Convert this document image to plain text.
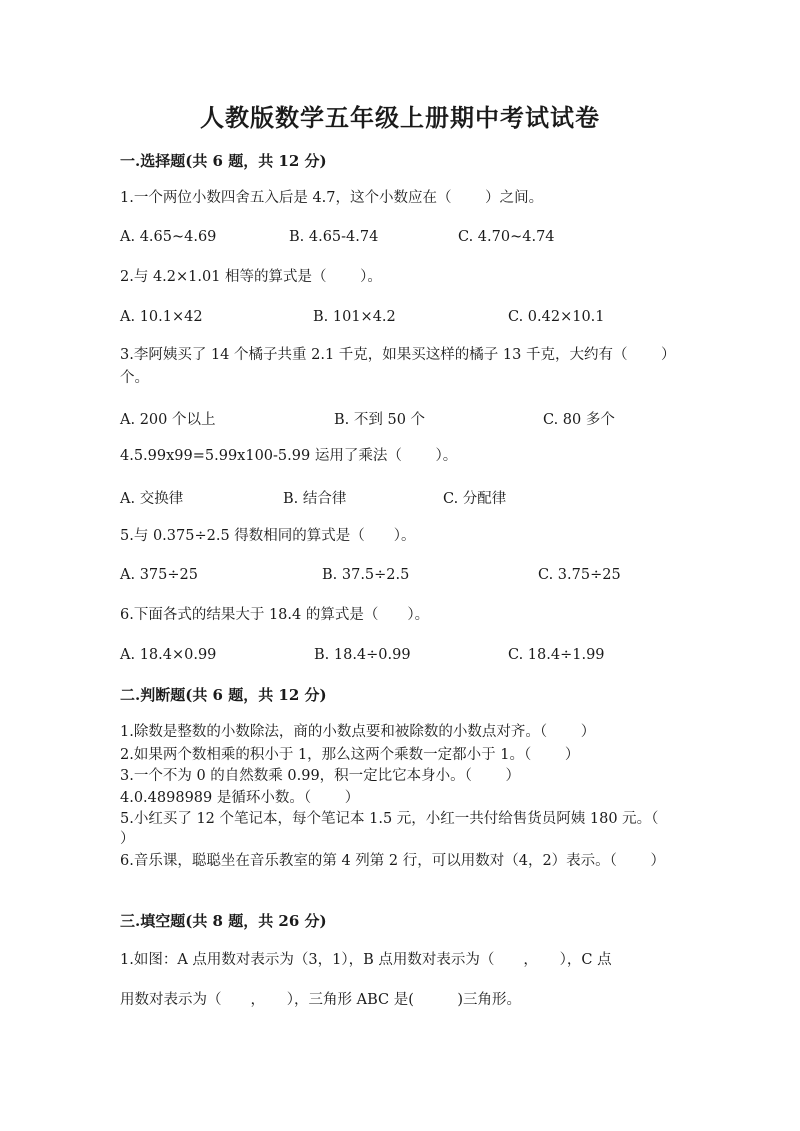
人教版数学五年级上册期中考试试卷
一.选择题(共 6 题，共 12 分)
1.一个两位小数四舍五入后是 4.7，这个小数应在（　　 ）之间。
A. 4.65~4.69	B. 4.65-4.74	C. 4.70~4.74
2.与 4.2×1.01 相等的算式是（　　 ）。
A. 10.1×42	B. 101×4.2	C. 0.42×10.1
3.李阿姨买了 14 个橘子共重 2.1 千克，如果买这样的橘子 13 千克，大约有（　　 ）个。
A. 200 个以上	B. 不到 50 个	C. 80 多个
4.5.99x99=5.99x100-5.99 运用了乘法（　　 ）。
A. 交换律	B. 结合律	C. 分配律
5.与 0.375÷2.5 得数相同的算式是（　　）。
A. 375÷25	B. 37.5÷2.5	C. 3.75÷25
6.下面各式的结果大于 18.4 的算式是（　　）。
A. 18.4×0.99	B. 18.4÷0.99	C. 18.4÷1.99
二.判断题(共 6 题，共 12 分)
1.除数是整数的小数除法，商的小数点要和被除数的小数点对齐。（　　 ）
2.如果两个数相乘的积小于 1，那么这两个乘数一定都小于 1。（　　 ）
3.一个不为 0 的自然数乘 0.99，积一定比它本身小。（　　 ）
4.0.4898989 是循环小数。（　　 ）
5.小红买了 12 个笔记本，每个笔记本 1.5 元，小红一共付给售货员阿姨 180 元。（　　 ）
6.音乐课，聪聪坐在音乐教室的第 4 列第 2 行，可以用数对（4，2）表示。（　　 ）
三.填空题(共 8 题，共 26 分)
1.如图：A 点用数对表示为（3，1），B 点用数对表示为（　　，　　），C 点
用数对表示为（　　，　　），三角形 ABC 是(　　　)三角形。
